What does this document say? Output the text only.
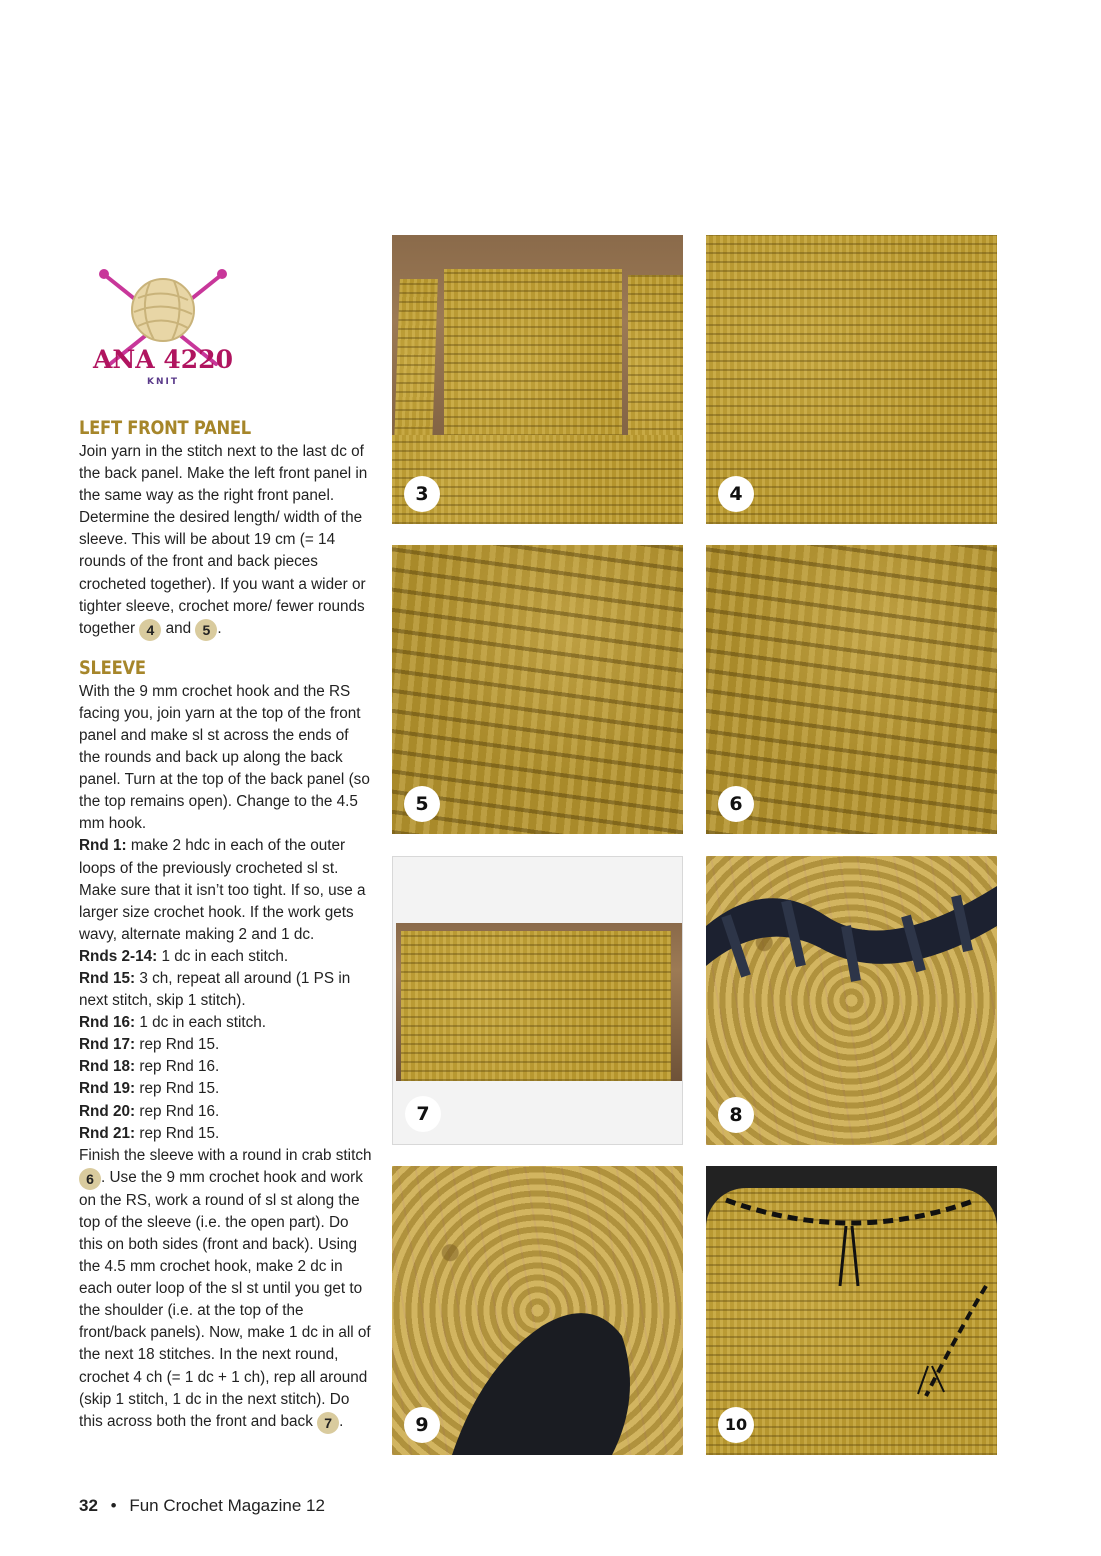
ANA 4220
KNIT
LEFT FRONT PANEL

Join yarn in the stitch next to the last dc of the back panel. Make the left front panel in the same way as the right front panel. Determine the desired length/ width of the sleeve. This will be about 19 cm (= 14 rounds of the front and back pieces crocheted together). If you want a wider or tighter sleeve, crochet more/ fewer rounds together 4 and 5 .

SLEEVE

With the 9 mm crochet hook and the RS facing you, join yarn at the top of the front panel and make sl st across the ends of the rounds and back up along the back panel. Turn at the top of the back panel (so the top remains open). Change to the 4.5 mm hook.

Rnd 1: make 2 hdc in each of the outer loops of the previously crocheted sl st. Make sure that it isn’t too tight. If so, use a larger size crochet hook. If the work gets wavy, alternate making 2 and 1 dc.

Rnds 2-14: 1 dc in each stitch.

Rnd 15: 3 ch, repeat all around (1 PS in next stitch, skip 1 stitch).

Rnd 16: 1 dc in each stitch.

Rnd 17: rep Rnd 15.

Rnd 18: rep Rnd 16.

Rnd 19: rep Rnd 15.

Rnd 20: rep Rnd 16.

Rnd 21: rep Rnd 15.

Finish the sleeve with a round in crab stitch 6 . Use the 9 mm crochet hook and work on the RS, work a round of sl st along the top of the sleeve (i.e. the open part). Do this on both sides (front and back). Using the 4.5 mm crochet hook, make 2 dc in each outer loop of the sl st until you get to the shoulder (i.e. at the top of the front/back panels). Now, make 1 dc in all of the next 18 stitches. In the next round, crochet 4 ch (= 1 dc + 1 ch), rep all around (skip 1 stitch, 1 dc in the next stitch). Do this across both the front and back 7 .

3	4
5	6
7	8
9	10
32 • Fun Crochet Magazine 12
